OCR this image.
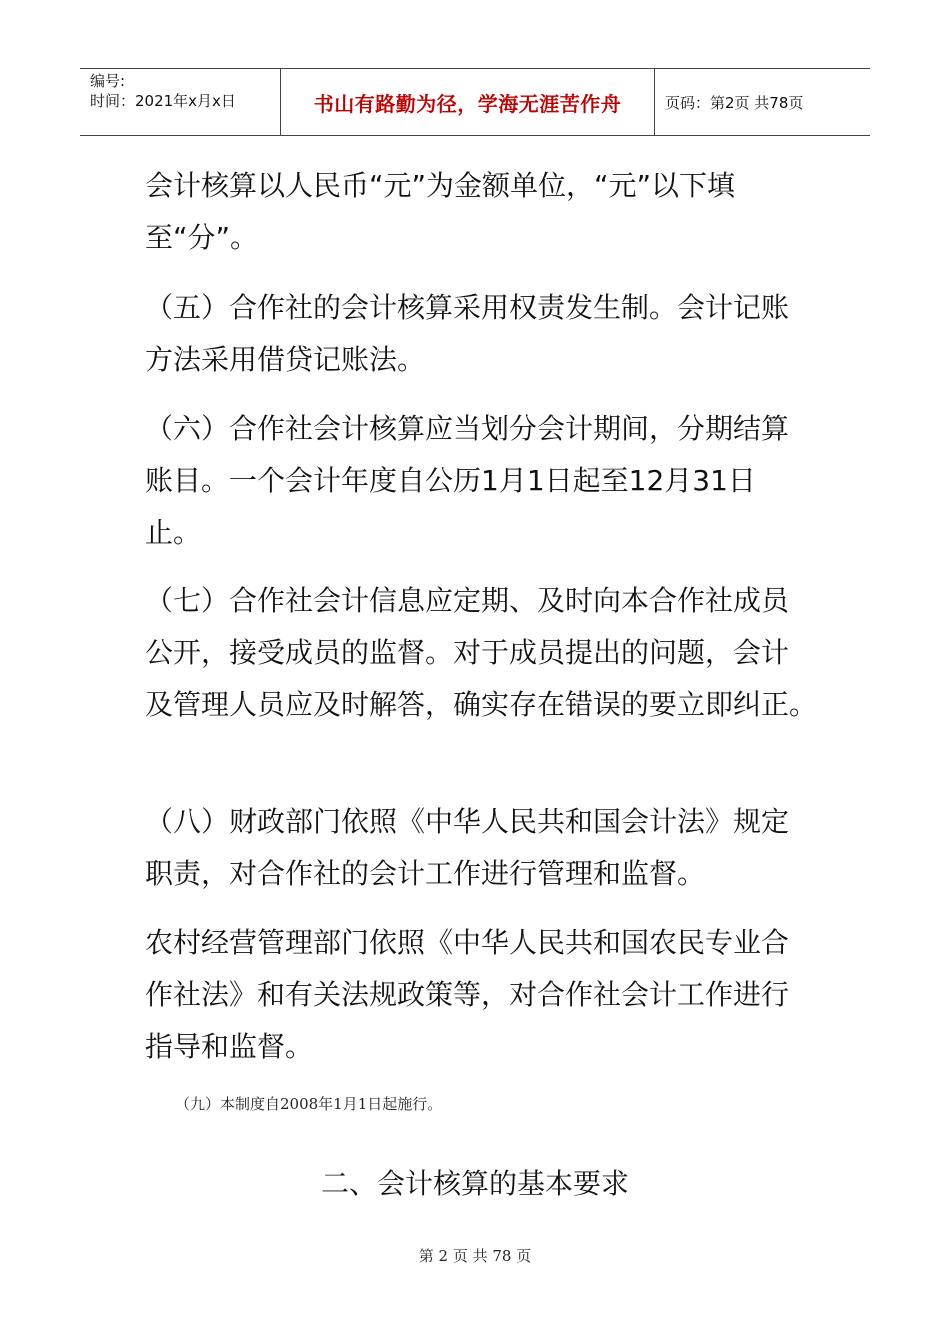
编号:
时间：2021年x月x日	书山有路勤为径，学海无涯苦作舟	页码：第2页 共78页
会计核算以人民币“元”为金额单位，“元”以下填
至“分”。
（五）合作社的会计核算采用权责发生制。会计记账
方法采用借贷记账法。
（六）合作社会计核算应当划分会计期间，分期结算
账目。一个会计年度自公历1月1日起至12月31日
止。
（七）合作社会计信息应定期、及时向本合作社成员
公开，接受成员的监督。对于成员提出的问题，会计
及管理人员应及时解答，确实存在错误的要立即纠正。
（八）财政部门依照《中华人民共和国会计法》规定
职责，对合作社的会计工作进行管理和监督。
农村经营管理部门依照《中华人民共和国农民专业合
作社法》和有关法规政策等，对合作社会计工作进行
指导和监督。
（九）本制度自2008年1月1日起施行。
二、会计核算的基本要求
第 2 页 共 78 页
